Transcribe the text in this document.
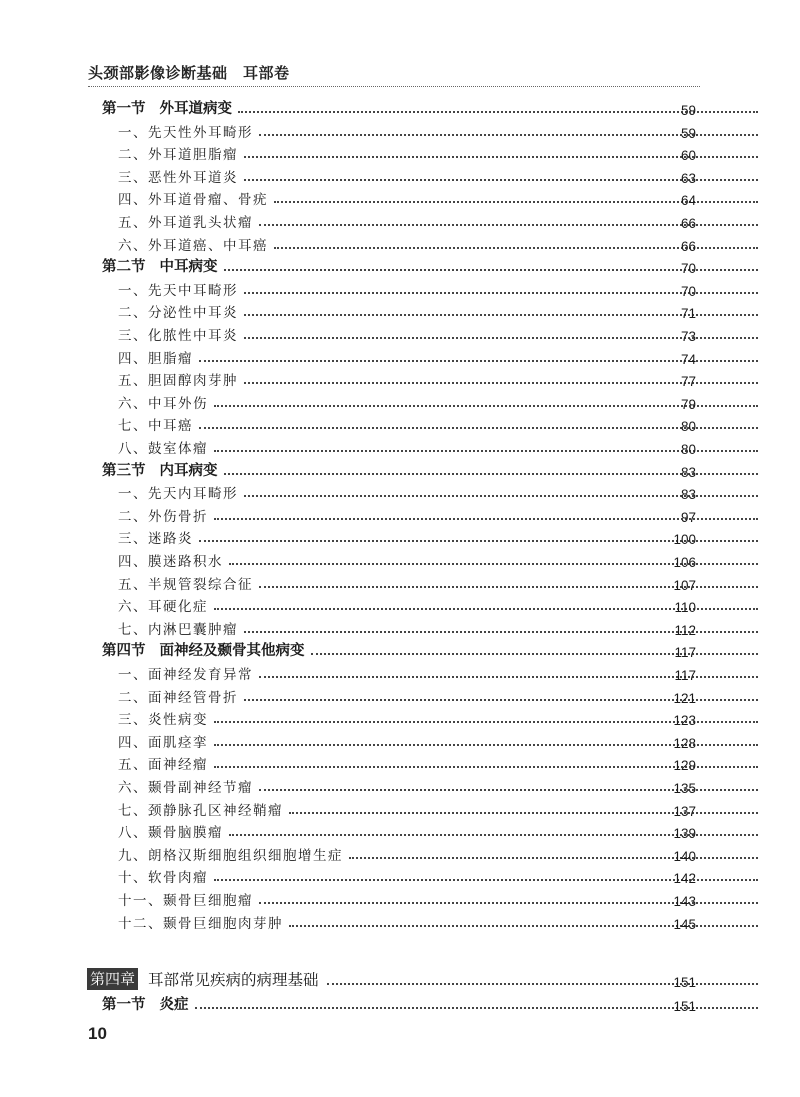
头颈部影像诊断基础　耳部卷
第一节 外耳道病变	59
一、先天性外耳畸形	59
二、外耳道胆脂瘤	60
三、恶性外耳道炎	63
四、外耳道骨瘤、骨疣	64
五、外耳道乳头状瘤	66
六、外耳道癌、中耳癌	66
第二节 中耳病变	70
一、先天中耳畸形	70
二、分泌性中耳炎	71
三、化脓性中耳炎	73
四、胆脂瘤	74
五、胆固醇肉芽肿	77
六、中耳外伤	79
七、中耳癌	80
八、鼓室体瘤	80
第三节 内耳病变	83
一、先天内耳畸形	83
二、外伤骨折	97
三、迷路炎	100
四、膜迷路积水	106
五、半规管裂综合征	107
六、耳硬化症	110
七、内淋巴囊肿瘤	112
第四节 面神经及颞骨其他病变	117
一、面神经发育异常	117
二、面神经管骨折	121
三、炎性病变	123
四、面肌痉挛	128
五、面神经瘤	129
六、颞骨副神经节瘤	135
七、颈静脉孔区神经鞘瘤	137
八、颞骨脑膜瘤	139
九、朗格汉斯细胞组织细胞增生症	140
十、软骨肉瘤	142
十一、颞骨巨细胞瘤	143
十二、颞骨巨细胞肉芽肿	145
第四章 耳部常见疾病的病理基础	151
第一节 炎症	151
10
